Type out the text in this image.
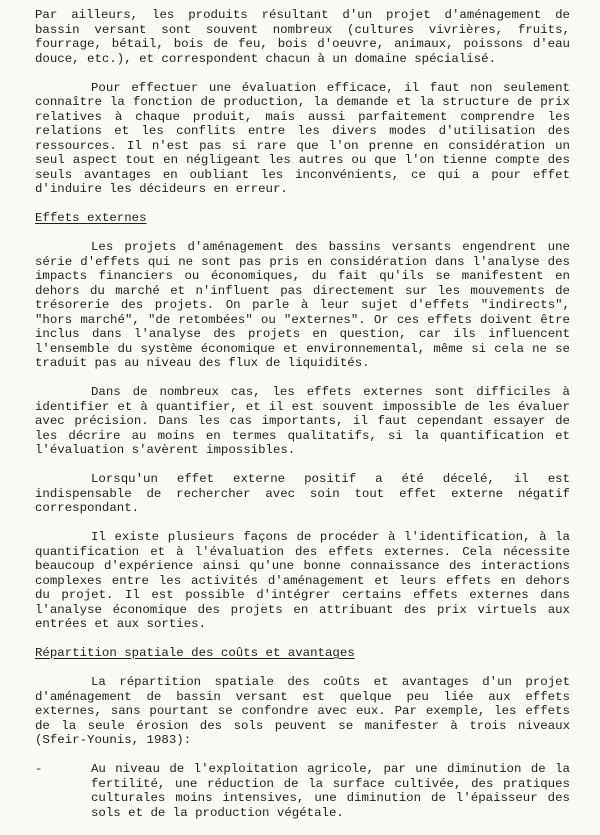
Par ailleurs, les produits résultant d'un projet d'aménagement de bassin versant sont souvent nombreux (cultures vivrières, fruits, fourrage, bétail, bois de feu, bois d'oeuvre, animaux, poissons d'eau douce, etc.), et correspondent chacun à un domaine spécialisé.

Pour effectuer une évaluation efficace, il faut non seulement connaître la fonction de production, la demande et la structure de prix relatives à chaque produit, mais aussi parfaitement comprendre les relations et les conflits entre les divers modes d'utilisation des ressources. Il n'est pas si rare que l'on prenne en considération un seul aspect tout en négligeant les autres ou que l'on tienne compte des seuls avantages en oubliant les inconvénients, ce qui a pour effet d'induire les décideurs en erreur.

Effets externes

Les projets d'aménagement des bassins versants engendrent une série d'effets qui ne sont pas pris en considération dans l'analyse des impacts financiers ou économiques, du fait qu'ils se manifestent en dehors du marché et n'influent pas directement sur les mouvements de trésorerie des projets. On parle à leur sujet d'effets "indirects", "hors marché", "de retombées" ou "externes". Or ces effets doivent être inclus dans l'analyse des projets en question, car ils influencent l'ensemble du système économique et environnemental, même si cela ne se traduit pas au niveau des flux de liquidités.

Dans de nombreux cas, les effets externes sont difficiles à identifier et à quantifier, et il est souvent impossible de les évaluer avec précision. Dans les cas importants, il faut cependant essayer de les décrire au moins en termes qualitatifs, si la quantification et l'évaluation s'avèrent impossibles.

Lorsqu'un effet externe positif a été décelé, il est indispensable de rechercher avec soin tout effet externe négatif correspondant.

Il existe plusieurs façons de procéder à l'identification, à la quantification et à l'évaluation des effets externes. Cela nécessite beaucoup d'expérience ainsi qu'une bonne connaissance des interactions complexes entre les activités d'aménagement et leurs effets en dehors du projet. Il est possible d'intégrer certains effets externes dans l'analyse économique des projets en attribuant des prix virtuels aux entrées et aux sorties.

Répartition spatiale des coûts et avantages

La répartition spatiale des coûts et avantages d'un projet d'aménagement de bassin versant est quelque peu liée aux effets externes, sans pourtant se confondre avec eux. Par exemple, les effets de la seule érosion des sols peuvent se manifester à trois niveaux (Sfeir-Younis, 1983):

-	Au niveau de l'exploitation agricole, par une diminution de la fertilité, une réduction de la surface cultivée, des pratiques culturales moins intensives, une diminution de l'épaisseur des sols et de la production végétale.
